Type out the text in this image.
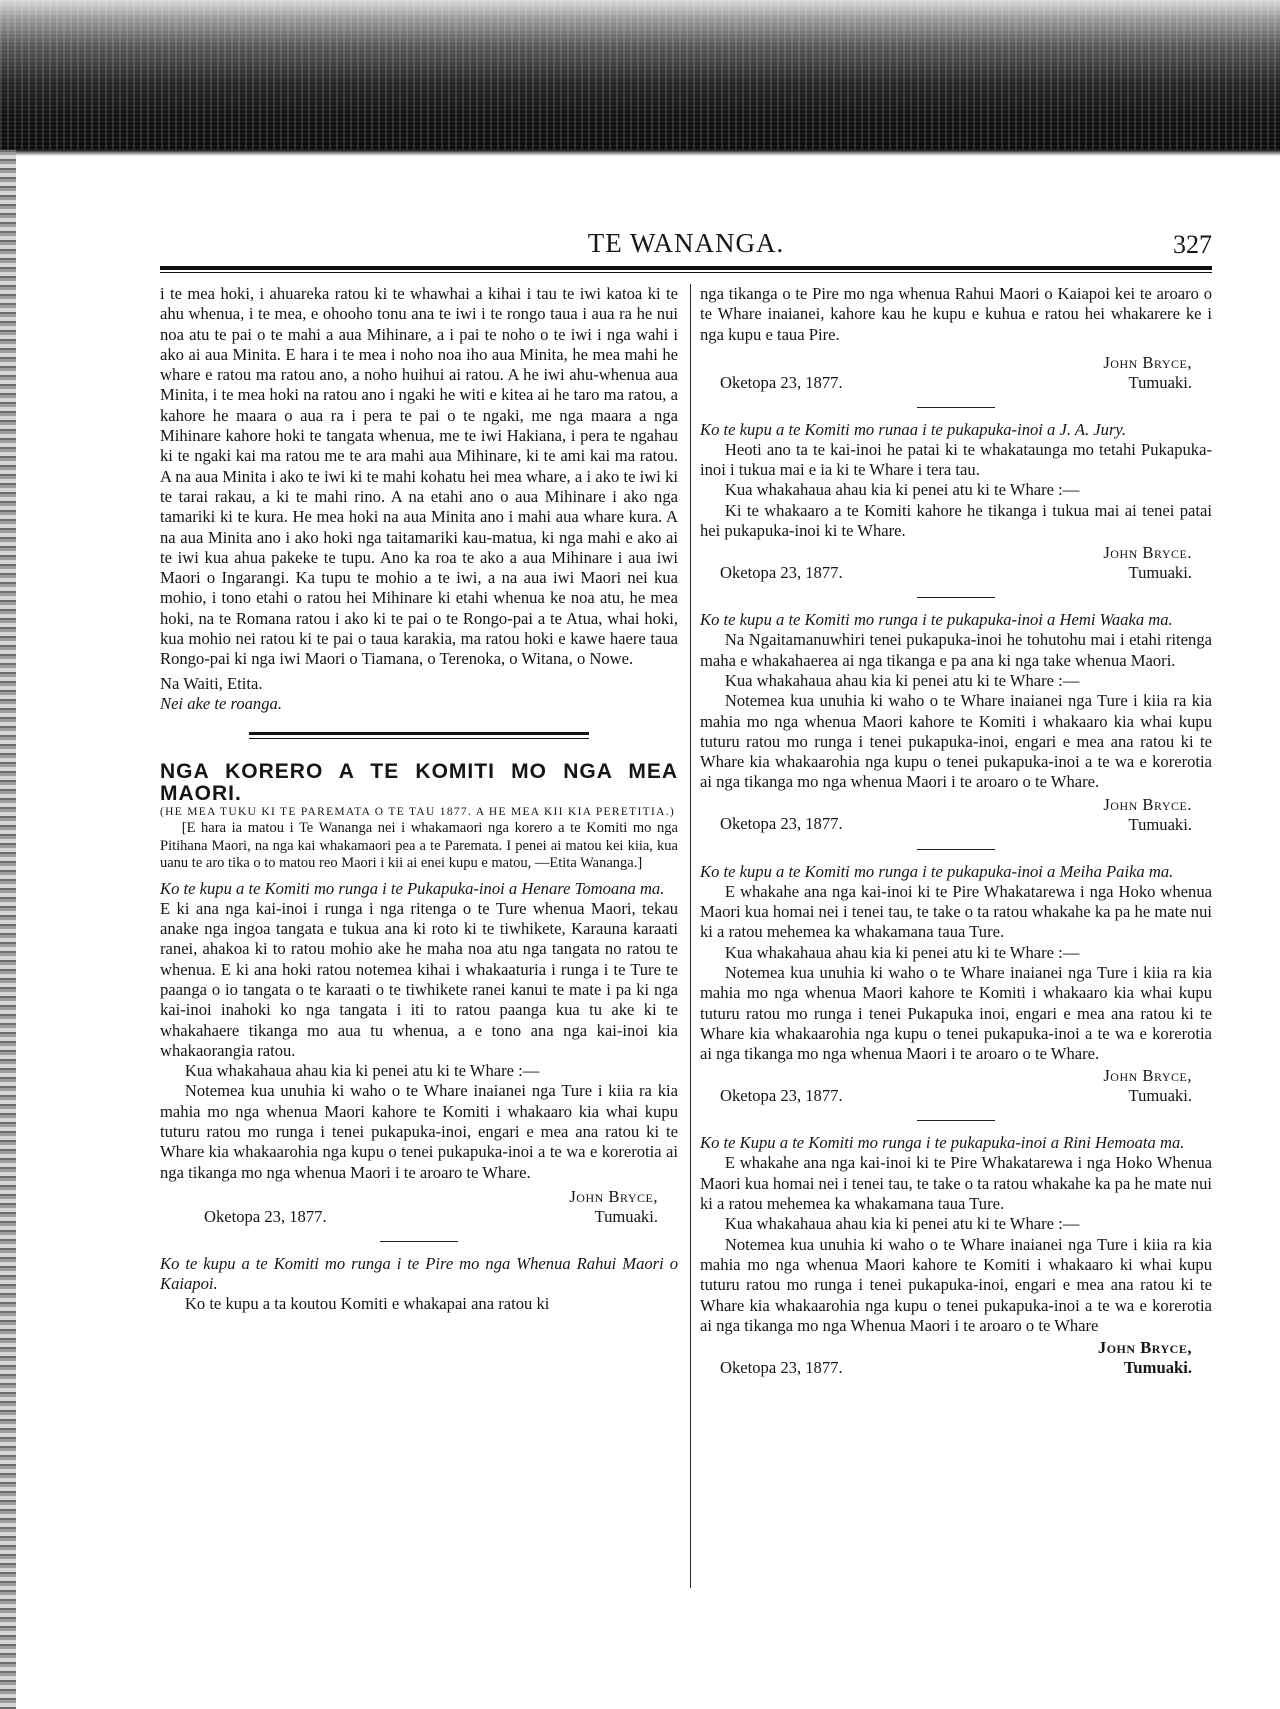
TE WANANGA.	327

i te mea hoki, i ahuareka ratou ki te whawhai a kihai i tau te iwi katoa ki te ahu whenua, i te mea, e ohooho tonu ana te iwi i te rongo taua i aua ra he nui noa atu te pai o te mahi a aua Mihinare, a i pai te noho o te iwi i nga wahi i ako ai aua Minita. E hara i te mea i noho noa iho aua Minita, he mea mahi he whare e ratou ma ratou ano, a noho huihui ai ratou. A he iwi ahu-whenua aua Minita, i te mea hoki na ratou ano i ngaki he witi e kitea ai he taro ma ratou, a kahore he maara o aua ra i pera te pai o te ngaki, me nga maara a nga Mihinare kahore hoki te tangata whenua, me te iwi Hakiana, i pera te ngahau ki te ngaki kai ma ratou me te ara mahi aua Mihinare, ki te ami kai ma ratou. A na aua Minita i ako te iwi ki te mahi kohatu hei mea whare, a i ako te iwi ki te tarai rakau, a ki te mahi rino. A na etahi ano o aua Mihinare i ako nga tamariki ki te kura. He mea hoki na aua Minita ano i mahi aua whare kura. A na aua Minita ano i ako hoki nga taitamariki kau-matua, ki nga mahi e ako ai te iwi kua ahua pakeke te tupu. Ano ka roa te ako a aua Mihinare i aua iwi Maori o Ingarangi. Ka tupu te mohio a te iwi, a na aua iwi Maori nei kua mohio, i tono etahi o ratou hei Mihinare ki etahi whenua ke noa atu, he mea hoki, na te Romana ratou i ako ki te pai o te Rongo-pai a te Atua, whai hoki, kua mohio nei ratou ki te pai o taua karakia, ma ratou hoki e kawe haere taua Rongo-pai ki nga iwi Maori o Tiamana, o Terenoka, o Witana, o Nowe.

Na Waiti, Etita.

Nei ake te roanga.

NGA KORERO A TE KOMITI MO NGA MEA MAORI.

(HE MEA TUKU KI TE PAREMATA O TE TAU 1877. A HE MEA KII KIA PERETITIA.)

[E hara ia matou i Te Wananga nei i whakamaori nga korero a te Komiti mo nga Pitihana Maori, na nga kai whakamaori pea a te Paremata. I penei ai matou kei kiia, kua uanu te aro tika o to matou reo Maori i kii ai enei kupu e matou, —Etita Wananga.]

Ko te kupu a te Komiti mo runga i te Pukapuka-inoi a Henare Tomoana ma.

E ki ana nga kai-inoi i runga i nga ritenga o te Ture whenua Maori, tekau anake nga ingoa tangata e tukua ana ki roto ki te tiwhikete, Karauna karaati ranei, ahakoa ki to ratou mohio ake he maha noa atu nga tangata no ratou te whenua. E ki ana hoki ratou notemea kihai i whakaaturia i runga i te Ture te paanga o io tangata o te karaati o te tiwhikete ranei kanui te mate i pa ki nga kai-inoi inahoki ko nga tangata i iti to ratou paanga kua tu ake ki te whakahaere tikanga mo aua tu whenua, a e tono ana nga kai-inoi kia whakaorangia ratou.

Kua whakahaua ahau kia ki penei atu ki te Whare :—

Notemea kua unuhia ki waho o te Whare inaianei nga Ture i kiia ra kia mahia mo nga whenua Maori kahore te Komiti i whakaaro kia whai kupu tuturu ratou mo runga i tenei pukapuka-inoi, engari e mea ana ratou ki te Whare kia whakaarohia nga kupu o tenei pukapuka-inoi a te wa e korerotia ai nga tikanga mo nga whenua Maori i te aroaro te Whare.

Oketopa 23, 1877.
John Bryce,
Tumuaki.

Ko te kupu a te Komiti mo runga i te Pire mo nga Whenua Rahui Maori o Kaiapoi.

Ko te kupu a ta koutou Komiti e whakapai ana ratou ki

nga tikanga o te Pire mo nga whenua Rahui Maori o Kaiapoi kei te aroaro o te Whare inaianei, kahore kau he kupu e kuhua e ratou hei whakarere ke i nga kupu e taua Pire.

Oketopa 23, 1877.
John Bryce,
Tumuaki.

Ko te kupu a te Komiti mo runaa i te pukapuka-inoi a J. A. Jury.

Heoti ano ta te kai-inoi he patai ki te whakataunga mo tetahi Pukapuka-inoi i tukua mai e ia ki te Whare i tera tau.

Kua whakahaua ahau kia ki penei atu ki te Whare :—

Ki te whakaaro a te Komiti kahore he tikanga i tukua mai ai tenei patai hei pukapuka-inoi ki te Whare.

Oketopa 23, 1877.
John Bryce.
Tumuaki.

Ko te kupu a te Komiti mo runga i te pukapuka-inoi a Hemi Waaka ma.

Na Ngaitamanuwhiri tenei pukapuka-inoi he tohutohu mai i etahi ritenga maha e whakahaerea ai nga tikanga e pa ana ki nga take whenua Maori.

Kua whakahaua ahau kia ki penei atu ki te Whare :—

Notemea kua unuhia ki waho o te Whare inaianei nga Ture i kiia ra kia mahia mo nga whenua Maori kahore te Komiti i whakaaro kia whai kupu tuturu ratou mo runga i tenei pukapuka-inoi, engari e mea ana ratou ki te Whare kia whakaarohia nga kupu o tenei pukapuka-inoi a te wa e korerotia ai nga tikanga mo nga whenua Maori i te aroaro o te Whare.

Oketopa 23, 1877.
John Bryce.
Tumuaki.

Ko te kupu a te Komiti mo runga i te pukapuka-inoi a Meiha Paika ma.

E whakahe ana nga kai-inoi ki te Pire Whakatarewa i nga Hoko whenua Maori kua homai nei i tenei tau, te take o ta ratou whakahe ka pa he mate nui ki a ratou mehemea ka whakamana taua Ture.

Kua whakahaua ahau kia ki penei atu ki te Whare :—

Notemea kua unuhia ki waho o te Whare inaianei nga Ture i kiia ra kia mahia mo nga whenua Maori kahore te Komiti i whakaaro kia whai kupu tuturu ratou mo runga i tenei Pukapuka inoi, engari e mea ana ratou ki te Whare kia whakaarohia nga kupu o tenei pukapuka-inoi a te wa e korerotia ai nga tikanga mo nga whenua Maori i te aroaro o te Whare.

Oketopa 23, 1877.
John Bryce,
Tumuaki.

Ko te Kupu a te Komiti mo runga i te pukapuka-inoi a Rini Hemoata ma.

E whakahe ana nga kai-inoi ki te Pire Whakatarewa i nga Hoko Whenua Maori kua homai nei i tenei tau, te take o ta ratou whakahe ka pa he mate nui ki a ratou mehemea ka whakamana taua Ture.

Kua whakahaua ahau kia ki penei atu ki te Whare :—

Notemea kua unuhia ki waho o te Whare inaianei nga Ture i kiia ra kia mahia mo nga whenua Maori kahore te Komiti i whakaaro ki whai kupu tuturu ratou mo runga i tenei pukapuka-inoi, engari e mea ana ratou ki te Whare kia whakaarohia nga kupu o tenei pukapuka-inoi a te wa e korerotia ai nga tikanga mo nga Whenua Maori i te aroaro o te Whare

Oketopa 23, 1877.
John Bryce,
Tumuaki.
